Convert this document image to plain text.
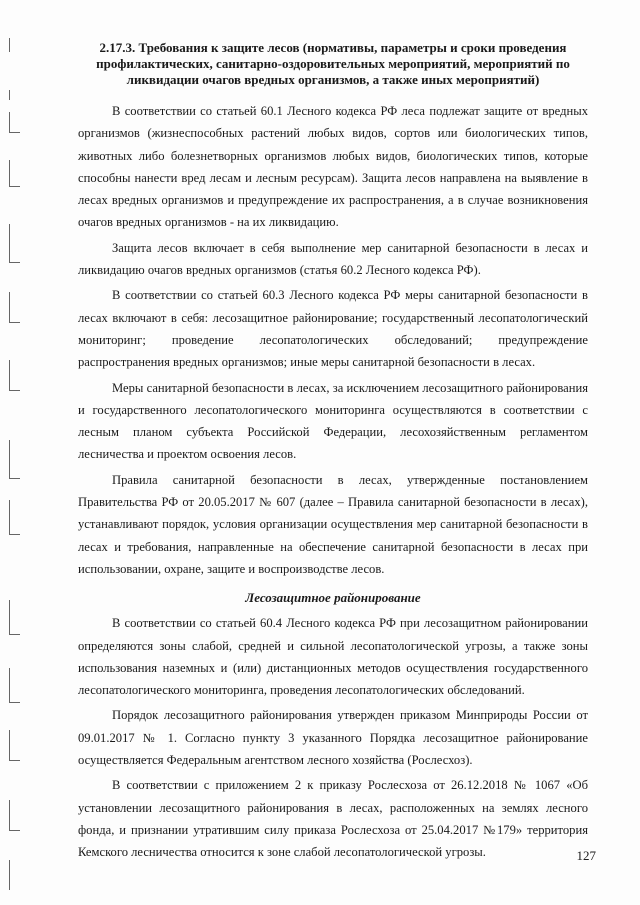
2.17.3. Требования к защите лесов (нормативы, параметры и сроки проведения профилактических, санитарно-оздоровительных мероприятий, мероприятий по ликвидации очагов вредных организмов, а также иных мероприятий)

В соответствии со статьей 60.1 Лесного кодекса РФ леса подлежат защите от вредных организмов (жизнеспособных растений любых видов, сортов или биологических типов, животных либо болезнетворных организмов любых видов, биологических типов, которые способны нанести вред лесам и лесным ресурсам). Защита лесов направлена на выявление в лесах вредных организмов и предупреждение их распространения, а в случае возникновения очагов вредных организмов - на их ликвидацию.

Защита лесов включает в себя выполнение мер санитарной безопасности в лесах и ликвидацию очагов вредных организмов (статья 60.2 Лесного кодекса РФ).

В соответствии со статьей 60.3 Лесного кодекса РФ меры санитарной безопасности в лесах включают в себя: лесозащитное районирование; государственный лесопатологический мониторинг; проведение лесопатологических обследований; предупреждение распространения вредных организмов; иные меры санитарной безопасности в лесах.

Меры санитарной безопасности в лесах, за исключением лесозащитного районирования и государственного лесопатологического мониторинга осуществляются в соответствии с лесным планом субъекта Российской Федерации, лесохозяйственным регламентом лесничества и проектом освоения лесов.

Правила санитарной безопасности в лесах, утвержденные постановлением Правительства РФ от 20.05.2017 № 607 (далее – Правила санитарной безопасности в лесах), устанавливают порядок, условия организации осуществления мер санитарной безопасности в лесах и требования, направленные на обеспечение санитарной безопасности в лесах при использовании, охране, защите и воспроизводстве лесов.

Лесозащитное районирование

В соответствии со статьей 60.4 Лесного кодекса РФ при лесозащитном районировании определяются зоны слабой, средней и сильной лесопатологической угрозы, а также зоны использования наземных и (или) дистанционных методов осуществления государственного лесопатологического мониторинга, проведения лесопатологических обследований.

Порядок лесозащитного районирования утвержден приказом Минприроды России от 09.01.2017 № 1. Согласно пункту 3 указанного Порядка лесозащитное районирование осуществляется Федеральным агентством лесного хозяйства (Рослесхоз).

В соответствии с приложением 2 к приказу Рослесхоза от 26.12.2018 № 1067 «Об установлении лесозащитного районирования в лесах, расположенных на землях лесного фонда, и признании утратившим силу приказа Рослесхоза от 25.04.2017 №179» территория Кемского лесничества относится к зоне слабой лесопатологической угрозы.	127
